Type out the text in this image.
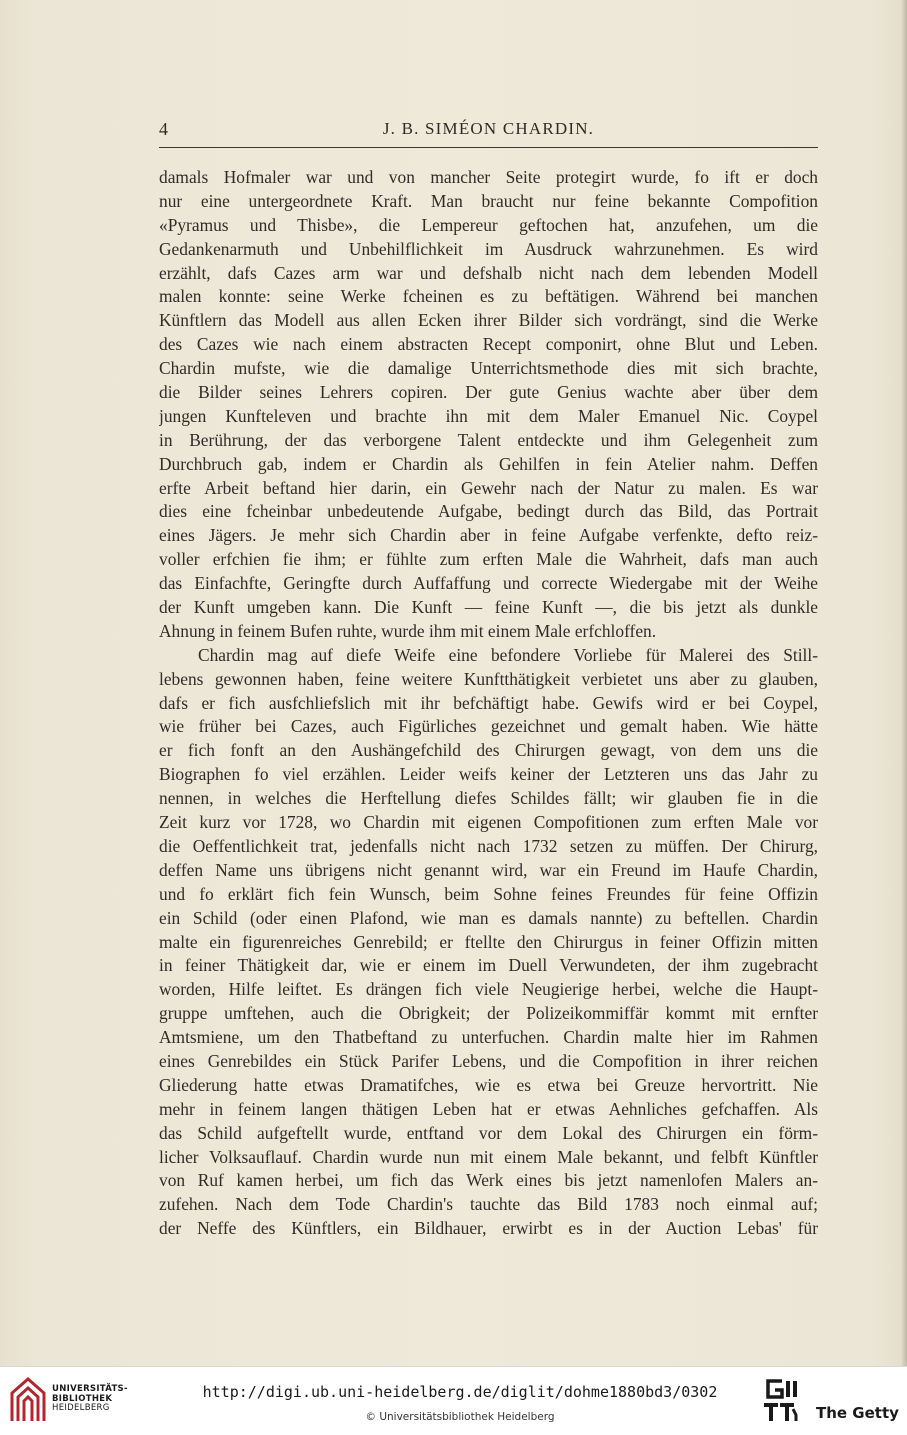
4	J. B. SIMÉON CHARDIN.
damals Hofmaler war und von mancher Seite protegirt wurde, fo ift er doch
nur eine untergeordnete Kraft. Man braucht nur feine bekannte Compofition
«Pyramus und Thisbe», die Lempereur geftochen hat, anzufehen, um die
Gedankenarmuth und Unbehilflichkeit im Ausdruck wahrzunehmen. Es wird
erzählt, dafs Cazes arm war und defshalb nicht nach dem lebenden Modell
malen konnte: seine Werke fcheinen es zu beftätigen. Während bei manchen
Künftlern das Modell aus allen Ecken ihrer Bilder sich vordrängt, sind die Werke
des Cazes wie nach einem abstracten Recept componirt, ohne Blut und Leben.
Chardin mufste, wie die damalige Unterrichtsmethode dies mit sich brachte,
die Bilder seines Lehrers copiren. Der gute Genius wachte aber über dem
jungen Kunfteleven und brachte ihn mit dem Maler Emanuel Nic. Coypel
in Berührung, der das verborgene Talent entdeckte und ihm Gelegenheit zum
Durchbruch gab, indem er Chardin als Gehilfen in fein Atelier nahm. Deffen
erfte Arbeit beftand hier darin, ein Gewehr nach der Natur zu malen. Es war
dies eine fcheinbar unbedeutende Aufgabe, bedingt durch das Bild, das Portrait
eines Jägers. Je mehr sich Chardin aber in feine Aufgabe verfenkte, defto reiz-
voller erfchien fie ihm; er fühlte zum erften Male die Wahrheit, dafs man auch
das Einfachfte, Geringfte durch Auffaffung und correcte Wiedergabe mit der Weihe
der Kunft umgeben kann. Die Kunft — feine Kunft —, die bis jetzt als dunkle
Ahnung in feinem Bufen ruhte, wurde ihm mit einem Male erfchloffen.
Chardin mag auf diefe Weife eine befondere Vorliebe für Malerei des Still-
lebens gewonnen haben, feine weitere Kunftthätigkeit verbietet uns aber zu glauben,
dafs er fich ausfchliefslich mit ihr befchäftigt habe. Gewifs wird er bei Coypel,
wie früher bei Cazes, auch Figürliches gezeichnet und gemalt haben. Wie hätte
er fich fonft an den Aushängefchild des Chirurgen gewagt, von dem uns die
Biographen fo viel erzählen. Leider weifs keiner der Letzteren uns das Jahr zu
nennen, in welches die Herftellung diefes Schildes fällt; wir glauben fie in die
Zeit kurz vor 1728, wo Chardin mit eigenen Compofitionen zum erften Male vor
die Oeffentlichkeit trat, jedenfalls nicht nach 1732 setzen zu müffen. Der Chirurg,
deffen Name uns übrigens nicht genannt wird, war ein Freund im Haufe Chardin,
und fo erklärt fich fein Wunsch, beim Sohne feines Freundes für feine Offizin
ein Schild (oder einen Plafond, wie man es damals nannte) zu beftellen. Chardin
malte ein figurenreiches Genrebild; er ftellte den Chirurgus in feiner Offizin mitten
in feiner Thätigkeit dar, wie er einem im Duell Verwundeten, der ihm zugebracht
worden, Hilfe leiftet. Es drängen fich viele Neugierige herbei, welche die Haupt-
gruppe umftehen, auch die Obrigkeit; der Polizeikommiffär kommt mit ernfter
Amtsmiene, um den Thatbeftand zu unterfuchen. Chardin malte hier im Rahmen
eines Genrebildes ein Stück Parifer Lebens, und die Compofition in ihrer reichen
Gliederung hatte etwas Dramatifches, wie es etwa bei Greuze hervortritt. Nie
mehr in feinem langen thätigen Leben hat er etwas Aehnliches gefchaffen. Als
das Schild aufgeftellt wurde, entftand vor dem Lokal des Chirurgen ein förm-
licher Volksauflauf. Chardin wurde nun mit einem Male bekannt, und felbft Künftler
von Ruf kamen herbei, um fich das Werk eines bis jetzt namenlofen Malers an-
zufehen. Nach dem Tode Chardin's tauchte das Bild 1783 noch einmal auf;
der Neffe des Künftlers, ein Bildhauer, erwirbt es in der Auction Lebas' für
UNIVERSITÄTS-
BIBLIOTHEK
HEIDELBERG
http://digi.ub.uni-heidelberg.de/diglit/dohme1880bd3/0302
© Universitätsbibliothek Heidelberg	The Getty
